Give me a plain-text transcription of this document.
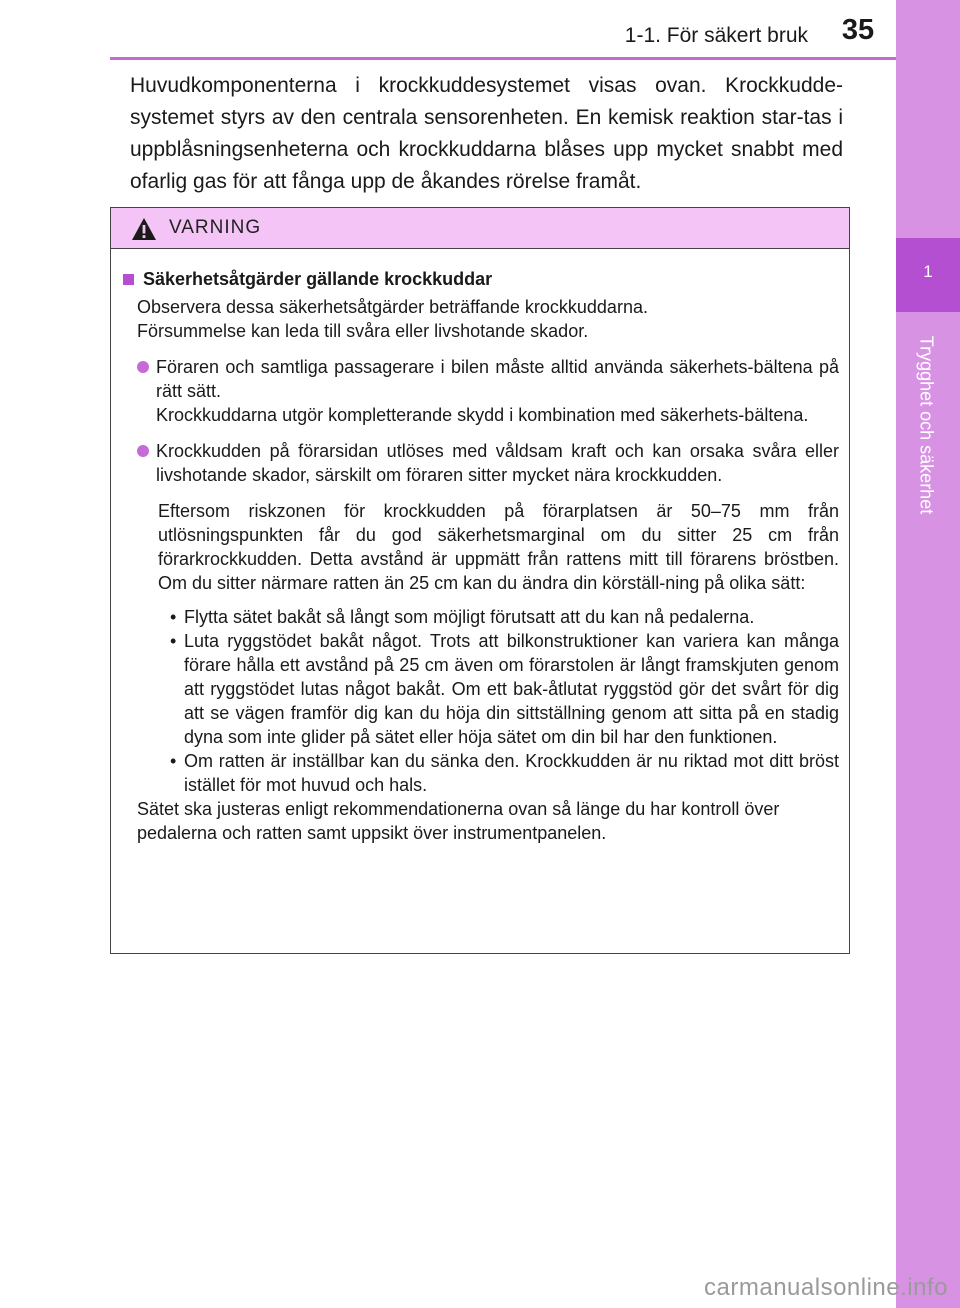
1-1. För säkert bruk	35
1
Trygghet och säkerhet

Huvudkomponenterna i krockkuddesystemet visas ovan. Krockkudde-systemet styrs av den centrala sensorenheten. En kemisk reaktion star-tas i uppblåsningsenheterna och krockkuddarna blåses upp mycket snabbt med ofarlig gas för att fånga upp de åkandes rörelse framåt.

VARNING
Säkerhetsåtgärder gällande krockkuddar

Observera dessa säkerhetsåtgärder beträffande krockkuddarna.

Försummelse kan leda till svåra eller livshotande skador.

Föraren och samtliga passagerare i bilen måste alltid använda säkerhets-bältena på rätt sätt.
Krockkuddarna utgör kompletterande skydd i kombination med säkerhets-bältena.
Krockkudden på förarsidan utlöses med våldsam kraft och kan orsaka svåra eller livshotande skador, särskilt om föraren sitter mycket nära krockkudden.

Eftersom riskzonen för krockkudden på förarplatsen är 50–75 mm från utlösningspunkten får du god säkerhetsmarginal om du sitter 25 cm från förarkrockkudden. Detta avstånd är uppmätt från rattens mitt till förarens bröstben. Om du sitter närmare ratten än 25 cm kan du ändra din körställ-ning på olika sätt:

• Flytta sätet bakåt så långt som möjligt förutsatt att du kan nå pedalerna.
• Luta ryggstödet bakåt något. Trots att bilkonstruktioner kan variera kan många förare hålla ett avstånd på 25 cm även om förarstolen är långt framskjuten genom att ryggstödet lutas något bakåt. Om ett bak-åtlutat ryggstöd gör det svårt för dig att se vägen framför dig kan du höja din sittställning genom att sitta på en stadig dyna som inte glider på sätet eller höja sätet om din bil har den funktionen.
• Om ratten är inställbar kan du sänka den. Krockkudden är nu riktad mot ditt bröst istället för mot huvud och hals.

Sätet ska justeras enligt rekommendationerna ovan så länge du har kontroll över pedalerna och ratten samt uppsikt över instrumentpanelen.

carmanualsonline.info
